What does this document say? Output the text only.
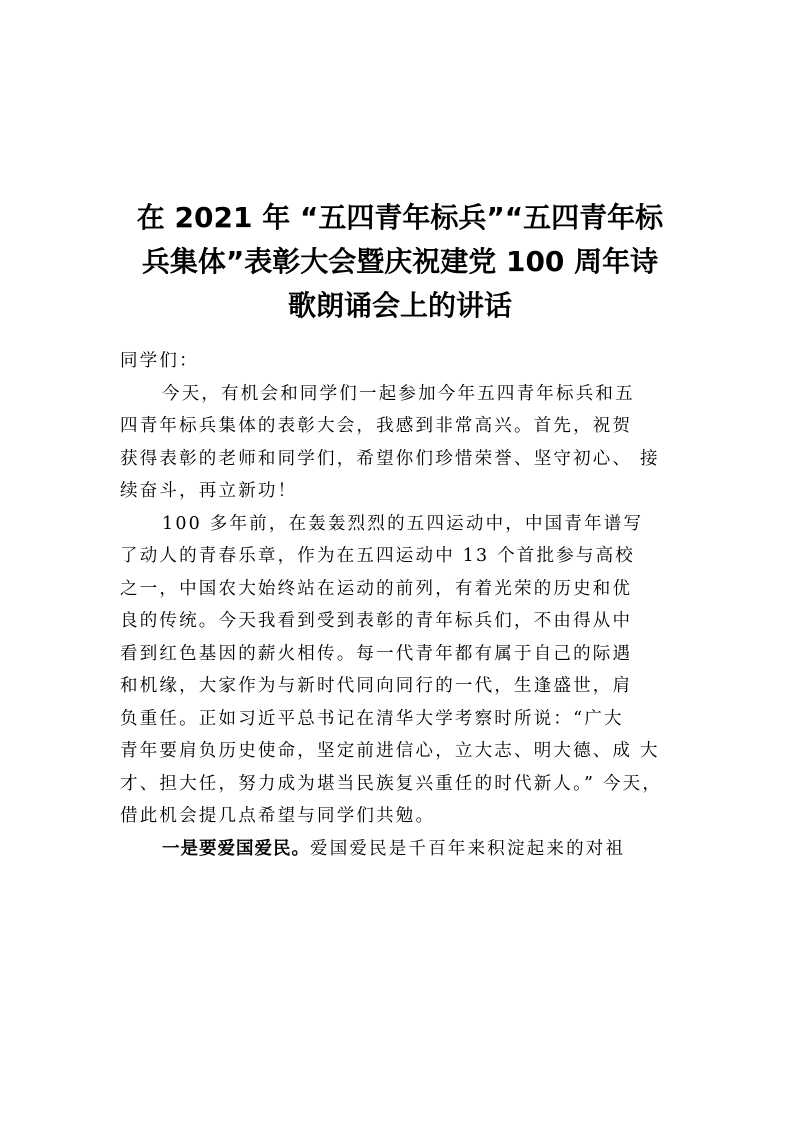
在 2021 年 “五四青年标兵”“五四青年标
兵集体”表彰大会暨庆祝建党 100 周年诗
歌朗诵会上的讲话
同学们：
今天，有机会和同学们一起参加今年五四青年标兵和五
四青年标兵集体的表彰大会，我感到非常高兴。首先，祝贺
获得表彰的老师和同学们，希望你们珍惜荣誉、坚守初心、 接
续奋斗，再立新功！
100 多年前，在轰轰烈烈的五四运动中，中国青年谱写
了动人的青春乐章，作为在五四运动中 13 个首批参与高校
之一，中国农大始终站在运动的前列，有着光荣的历史和优
良的传统。今天我看到受到表彰的青年标兵们，不由得从中
看到红色基因的薪火相传。每一代青年都有属于自己的际遇
和机缘，大家作为与新时代同向同行的一代，生逢盛世，肩
负重任。正如习近平总书记在清华大学考察时所说：“广大
青年要肩负历史使命，坚定前进信心，立大志、明大德、成 大
才、担大任，努力成为堪当民族复兴重任的时代新人。” 今天，
借此机会提几点希望与同学们共勉。
一是要爱国爱民。爱国爱民是千百年来积淀起来的对祖
